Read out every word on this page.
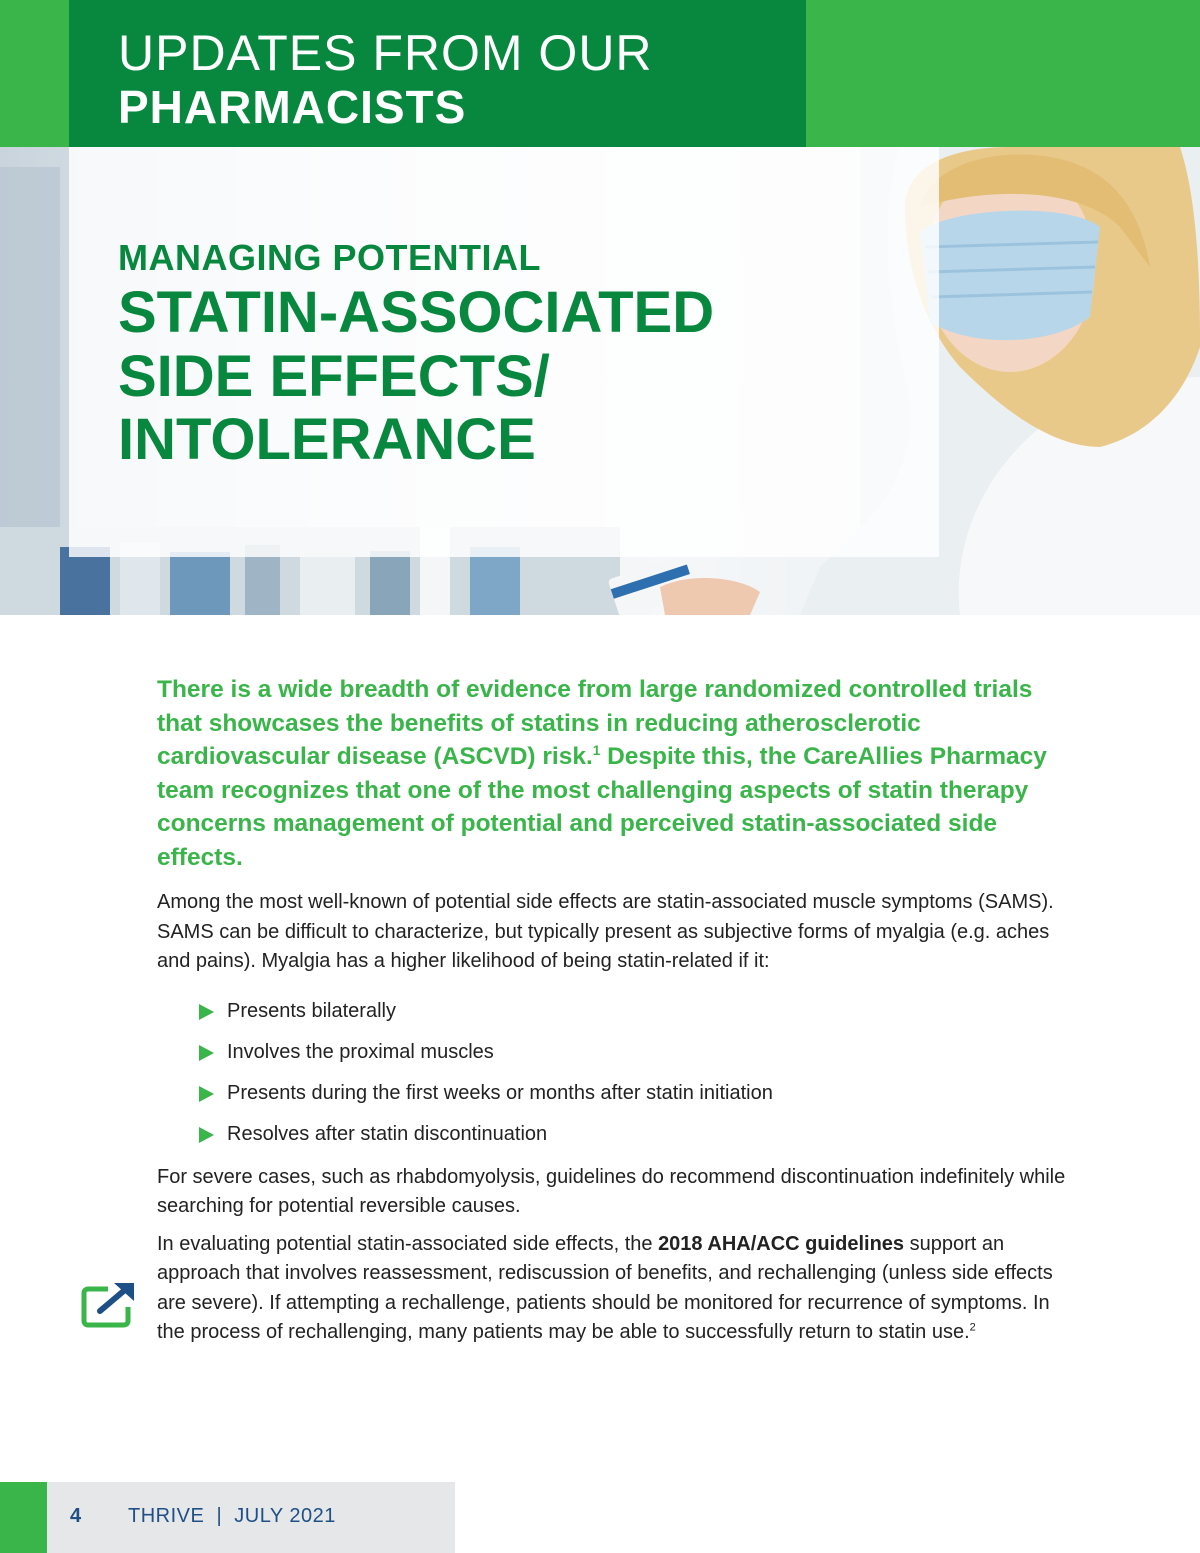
UPDATES FROM OUR
PHARMACISTS
MANAGING POTENTIAL
STATIN-ASSOCIATED
SIDE EFFECTS/
INTOLERANCE

There is a wide breadth of evidence from large randomized controlled trials that showcases the benefits of statins in reducing atherosclerotic cardiovascular disease (ASCVD) risk.$^1$ Despite this, the CareAllies Pharmacy team recognizes that one of the most challenging aspects of statin therapy concerns management of potential and perceived statin-associated side effects.

Among the most well-known of potential side effects are statin-associated muscle symptoms (SAMS). SAMS can be difficult to characterize, but typically present as subjective forms of myalgia (e.g. aches and pains). Myalgia has a higher likelihood of being statin-related if it:

Presents bilaterally
Involves the proximal muscles
Presents during the first weeks or months after statin initiation
Resolves after statin discontinuation

For severe cases, such as rhabdomyolysis, guidelines do recommend discontinuation indefinitely while searching for potential reversible causes.

In evaluating potential statin-associated side effects, the 2018 AHA/ACC guidelines support an approach that involves reassessment, rediscussion of benefits, and rechallenging (unless side effects are severe). If attempting a rechallenge, patients should be monitored for recurrence of symptoms. In the process of rechallenging, many patients may be able to successfully return to statin use.$^2$

4 THRIVE | JULY 2021
